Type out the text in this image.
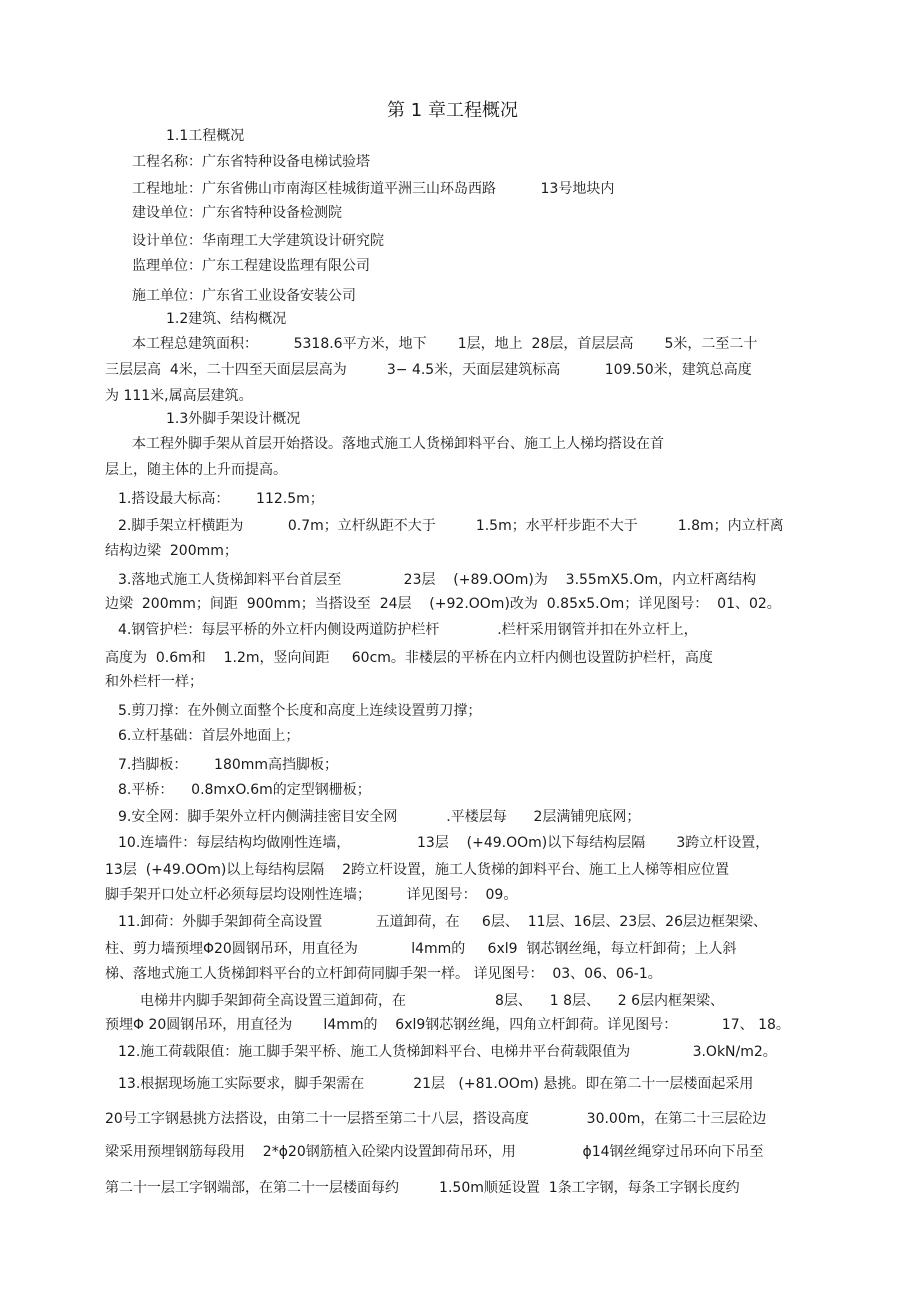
第 1 章工程概况
1.1工程概况
工程名称：广东省特种设备电梯试验塔
工程地址：广东省佛山市南海区桂城街道平洲三山环岛西路          13号地块内
建设单位：广东省特种设备检测院
设计单位：华南理工大学建筑设计研究院
监理单位：广东工程建设监理有限公司
施工单位：广东省工业设备安装公司
1.2建筑、结构概况
本工程总建筑面积：        5318.6平方米，地下       1层，地上  28层，首层层高       5米，二至二十
三层层高  4米，二十四至天面层层高为         3− 4.5米，天面层建筑标高          109.50米，建筑总高度
为 111米,属高层建筑。
1.3外脚手架设计概况
本工程外脚手架从首层开始搭设。落地式施工人货梯卸料平台、施工上人梯均搭设在首
层上，随主体的上升而提高。
1.搭设最大标高：      112.5m；
2.脚手架立杆横距为          0.7m；立杆纵距不大于         1.5m；水平杆步距不大于         1.8m；内立杆离
结构边梁  200mm；
3.落地式施工人货梯卸料平台首层至              23层    (+89.OOm)为    3.55mX5.Om，内立杆离结构
边梁  200mm；间距  900mm；当搭设至  24层    (+92.OOm)改为  0.85x5.Om；详见图号：  01、02。
4.钢管护栏：每层平桥的外立杆内侧设两道防护栏杆             .栏杆采用钢管并扣在外立杆上，
高度为  0.6m和    1.2m，竖向间距     60cm。非楼层的平桥在内立杆内侧也设置防护栏杆，高度
和外栏杆一样；
5.剪刀撑：在外侧立面整个长度和高度上连续设置剪刀撑；
6.立杆基础：首层外地面上；
7.挡脚板：      180mm高挡脚板；
8.平桥：    0.8mxO.6m的定型钢栅板；
9.安全网：脚手架外立杆内侧满挂密目安全网           .平楼层每      2层满铺兜底网；
10.连墙件：每层结构均做刚性连墙，               13层    (+49.OOm)以下每结构层隔       3跨立杆设置，
13层  (+49.OOm)以上每结构层隔    2跨立杆设置，施工人货梯的卸料平台、施工上人梯等相应位置
脚手架开口处立杆必须每层均设刚性连墙；        详见图号：  09。
11.卸荷：外脚手架卸荷全高设置            五道卸荷，在     6层、  11层、16层、23层、26层边框架梁、
柱、剪力墙预埋Φ20圆钢吊环，用直径为            l4mm的     6xl9  钢芯钢丝绳，每立杆卸荷；上人斜
梯、落地式施工人货梯卸料平台的立杆卸荷同脚手架一样。 详见图号：  03、06、06-1。
电梯井内脚手架卸荷全高设置三道卸荷，在                    8层、    1 8层、    2 6层内框架梁、
预埋Φ 20圆钢吊环，用直径为       l4mm的    6xl9钢芯钢丝绳，四角立杆卸荷。详见图号：          17、 18。
12.施工荷载限值：施工脚手架平桥、施工人货梯卸料平台、电梯井平台荷载限值为              3.OkN/m2。
13.根据现场施工实际要求，脚手架需在           21层   (+81.OOm) 悬挑。即在第二十一层楼面起采用
20号工字钢悬挑方法搭设，由第二十一层搭至第二十八层，搭设高度             30.00m，在第二十三层砼边
梁采用预埋钢筋每段用    2*ϕ20钢筋植入砼梁内设置卸荷吊环，用               ϕ14钢丝绳穿过吊环向下吊至
第二十一层工字钢端部，在第二十一层楼面每约         1.50m顺延设置  1条工字钢，每条工字钢长度约
